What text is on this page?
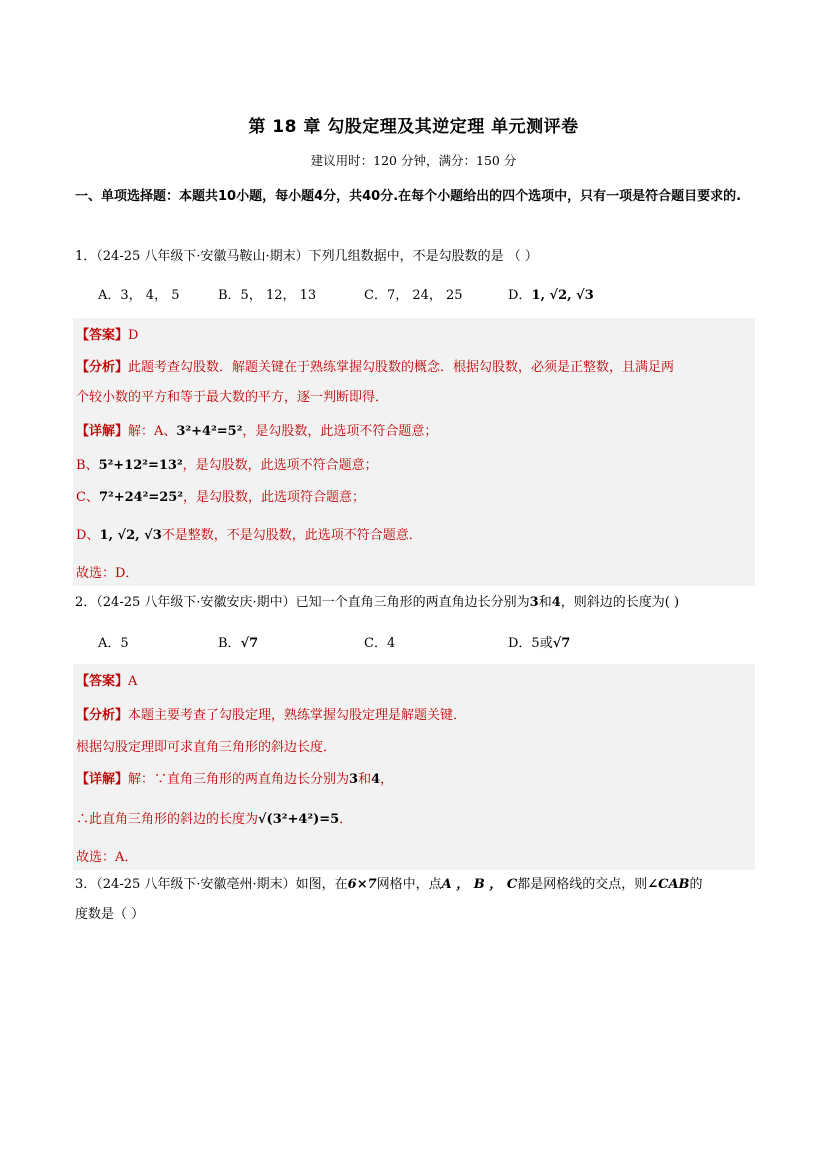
第 18 章 勾股定理及其逆定理 单元测评卷
建议用时：120 分钟，满分：150 分
一、单项选择题：本题共10小题，每小题4分，共40分.在每个小题给出的四个选项中，只有一项是符合题目要求的.
1．（24-25 八年级下·安徽马鞍山·期末）下列几组数据中，不是勾股数的是 （ ）
A．3， 4， 5	B．5， 12， 13	C．7， 24， 25	D．1, √2, √3
【答案】D
【分析】此题考查勾股数．解题关键在于熟练掌握勾股数的概念．根据勾股数，必须是正整数，且满足两
个较小数的平方和等于最大数的平方，逐一判断即得．
【详解】解：A、3²+4²=5²，是勾股数，此选项不符合题意；
B、5²+12²=13²，是勾股数，此选项不符合题意；
C、7²+24²=25²，是勾股数，此选项符合题意；
D、1, √2, √3不是整数，不是勾股数，此选项不符合题意．
故选：D．
2．（24-25 八年级下·安徽安庆·期中）已知一个直角三角形的两直角边长分别为3和4，则斜边的长度为( )
A．5	B．√7	C．4	D．5或√7
【答案】A
【分析】本题主要考查了勾股定理，熟练掌握勾股定理是解题关键．
根据勾股定理即可求直角三角形的斜边长度．
【详解】解：∵直角三角形的两直角边长分别为3和4，
∴此直角三角形的斜边的长度为√(3²+4²)=5．
故选：A．
3．（24-25 八年级下·安徽亳州·期末）如图，在6×7网格中，点A ， B ， C都是网格线的交点，则∠CAB的
度数是（ ）
